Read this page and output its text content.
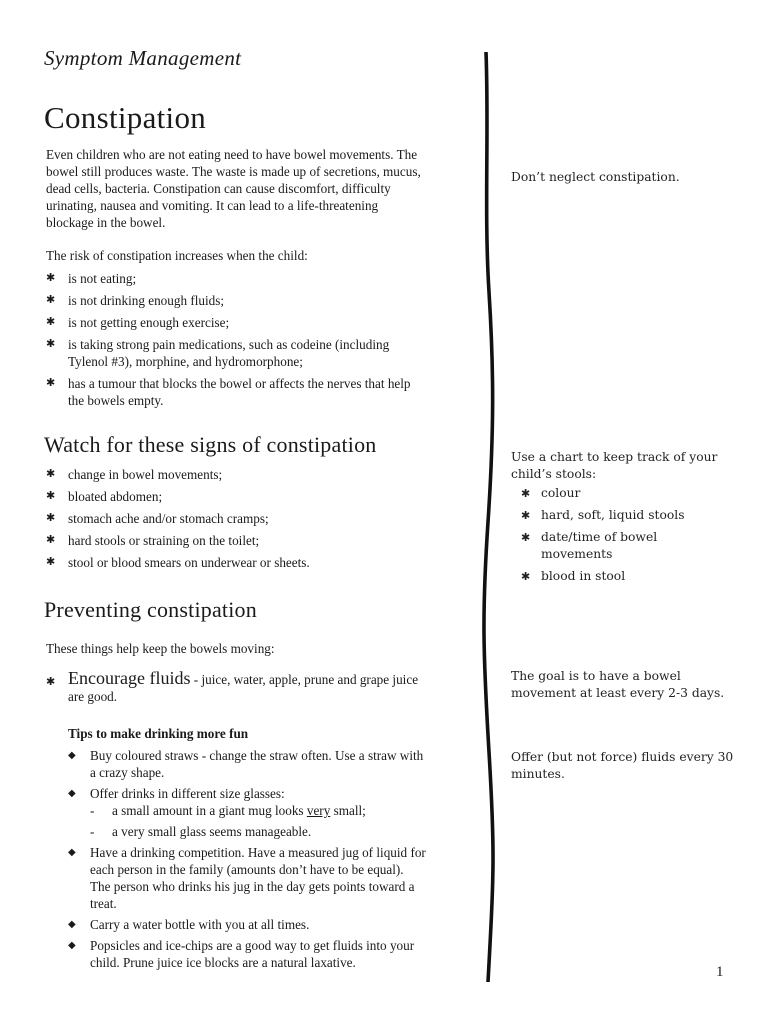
Symptom Management
Constipation
Even children who are not eating need to have bowel movements. The bowel still produces waste. The waste is made up of secretions, mucus, dead cells, bacteria. Constipation can cause discomfort, difficulty urinating, nausea and vomiting. It can lead to a life-threatening blockage in the bowel.
The risk of constipation increases when the child:
✱ is not eating;
✱ is not drinking enough fluids;
✱ is not getting enough exercise;
✱ is taking strong pain medications, such as codeine (including Tylenol #3), morphine, and hydromorphone;
✱ has a tumour that blocks the bowel or affects the nerves that help the bowels empty.
Watch for these signs of constipation
✱ change in bowel movements;
✱ bloated abdomen;
✱ stomach ache and/or stomach cramps;
✱ hard stools or straining on the toilet;
✱ stool or blood smears on underwear or sheets.
Preventing constipation
These things help keep the bowels moving:
✱ Encourage fluids - juice, water, apple, prune and grape juice are good.
Tips to make drinking more fun
◆ Buy coloured straws - change the straw often. Use a straw with a crazy shape.
◆ Offer drinks in different size glasses:
- a small amount in a giant mug looks very small;
- a very small glass seems manageable.
◆ Have a drinking competition. Have a measured jug of liquid for each person in the family (amounts don’t have to be equal). The person who drinks his jug in the day gets points toward a treat.
◆ Carry a water bottle with you at all times.
◆ Popsicles and ice-chips are a good way to get fluids into your child. Prune juice ice blocks are a natural laxative.
Don’t neglect constipation.
Use a chart to keep track of your child’s stools:
✱ colour
✱ hard, soft, liquid stools
✱ date/time of bowel movements
✱ blood in stool
The goal is to have a bowel movement at least every 2-3 days.
Offer (but not force) fluids every 30 minutes.
1
